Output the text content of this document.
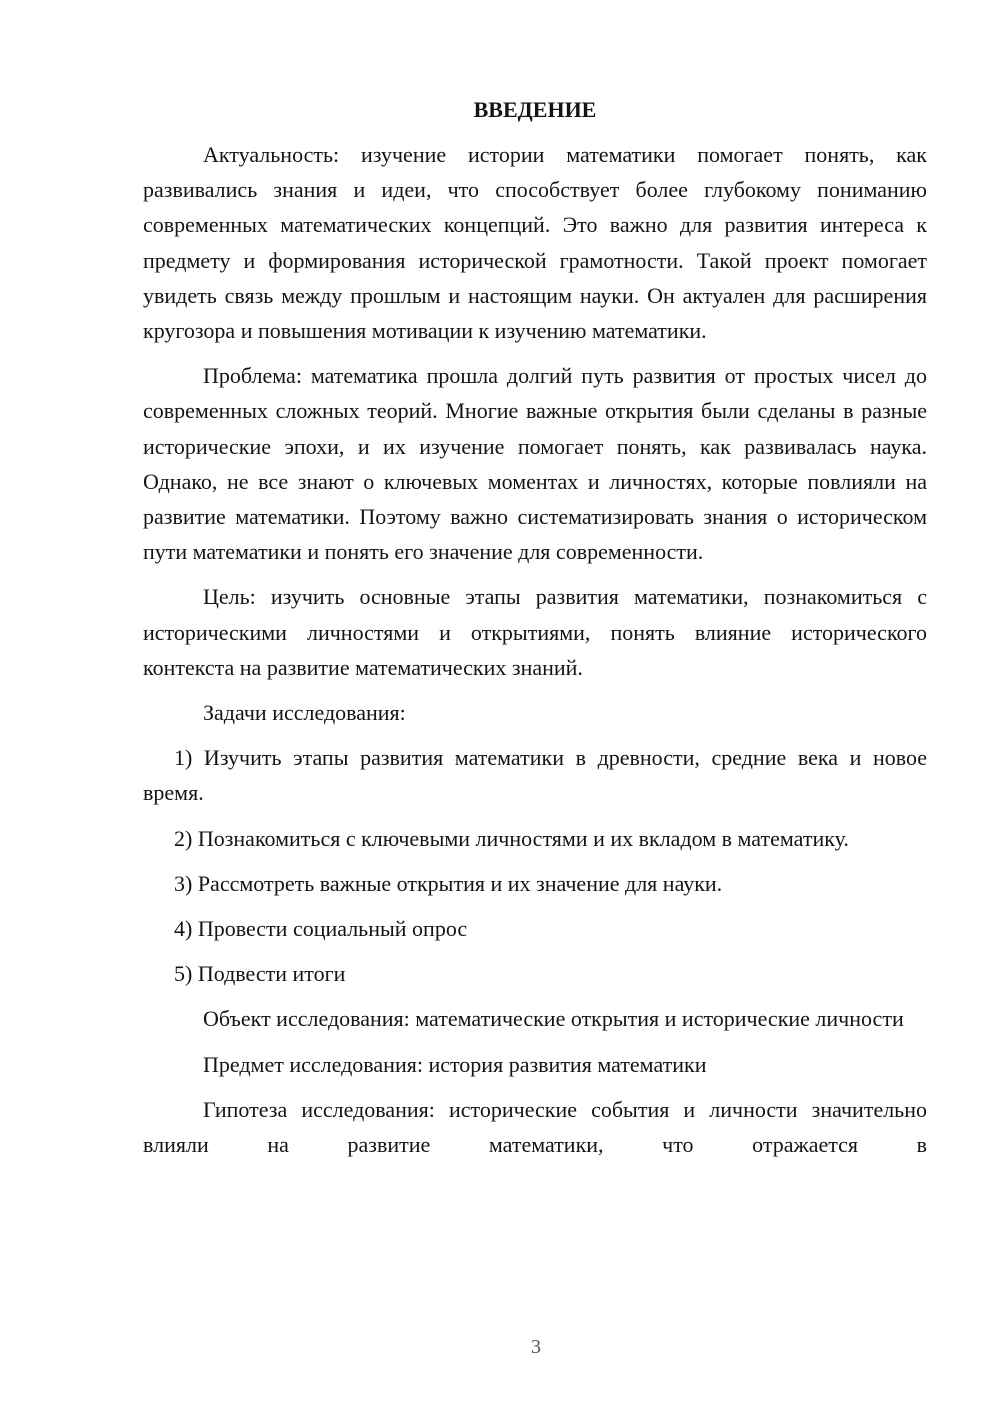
ВВЕДЕНИЕ

Актуальность: изучение истории математики помогает понять, как развивались знания и идеи, что способствует более глубокому пониманию современных математических концепций. Это важно для развития интереса к предмету и формирования исторической грамотности. Такой проект помогает увидеть связь между прошлым и настоящим науки. Он актуален для расширения кругозора и повышения мотивации к изучению математики.

Проблема: математика прошла долгий путь развития от простых чисел до современных сложных теорий. Многие важные открытия были сделаны в разные исторические эпохи, и их изучение помогает понять, как развивалась наука. Однако, не все знают о ключевых моментах и личностях, которые повлияли на развитие математики. Поэтому важно систематизировать знания о историческом пути математики и понять его значение для современности.

Цель: изучить основные этапы развития математики, познакомиться с историческими личностями и открытиями, понять влияние исторического контекста на развитие математических знаний.

Задачи исследования:

1) Изучить этапы развития математики в древности, средние века и новое время.

2) Познакомиться с ключевыми личностями и их вкладом в математику.

3) Рассмотреть важные открытия и их значение для науки.

4) Провести социальный опрос

5) Подвести итоги

Объект исследования: математические открытия и исторические личности

Предмет исследования: история развития математики

Гипотеза исследования: исторические события и личности значительно влияли на развитие математики, что отражается в

3
